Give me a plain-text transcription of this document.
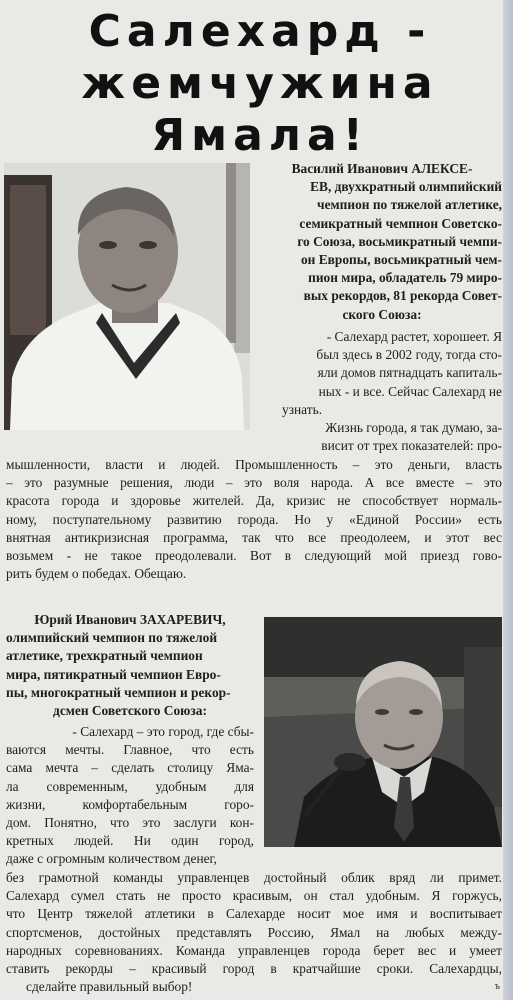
Салехард -
жемчужина
Ямала!

Василий Иванович АЛЕКСЕ-

ЕВ, двухкратный олимпийский

чемпион по тяжелой атлетике,

семикратный чемпион Советско-

го Союза, восьмикратный чемпи-

он Европы, восьмикратный чем-

пион мира, обладатель 79 миро-

вых рекордов, 81 рекорда Совет-

ского Союза:

- Салехард растет, хорошеет. Я

был здесь в 2002 году, тогда сто-

яли домов пятнадцать капиталь-

ных - и все. Сейчас Салехард не

узнать.

Жизнь города, я так думаю, за-

висит от трех показателей: про-

мышленности, власти и людей. Промышленность – это деньги, власть

– это разумные решения, люди – это воля народа. А все вместе – это

красота города и здоровье жителей. Да, кризис не способствует нормаль-

ному, поступательному развитию города. Но у «Единой России» есть

внятная антикризисная программа, так что все преодолеем, и этот вес

возьмем - не такое преодолевали. Вот в следующий мой приезд гово-

рить будем о победах. Обещаю.

Юрий Иванович ЗАХАРЕВИЧ,

олимпийский чемпион по тяжелой

атлетике, трехкратный чемпион

мира, пятикратный чемпион Евро-

пы, многократный чемпион и рекор-

дсмен Советского Союза:

- Салехард – это город, где сбы-

ваются мечты. Главное, что есть

сама мечта – сделать столицу Яма-

ла современным, удобным для

жизни, комфортабельным горо-

дом. Понятно, что это заслуги кон-

кретных людей. Ни один город,

даже с огромным количеством денег,

без грамотной команды управленцев достойный облик вряд ли примет.

Салехард сумел стать не просто красивым, он стал удобным. Я горжусь,

что Центр тяжелой атлетики в Салехарде носит мое имя и воспитывает

спортсменов, достойных представлять Россию, Ямал на любых между-

народных соревнованиях. Команда управленцев города берет вес и умеет

ставить рекорды – красивый город в кратчайшие сроки. Салехардцы,

сделайте правильный выбор!	ъ
